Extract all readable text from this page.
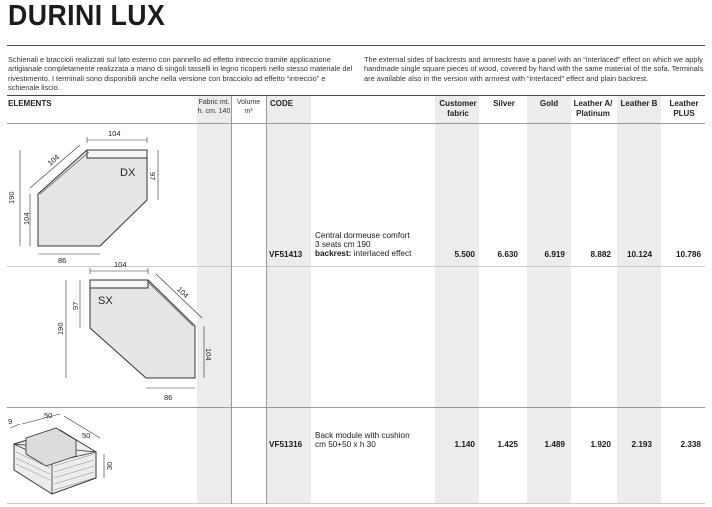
DURINI LUX
Schienali e braccioli realizzati sul lato esterno con pannello ad effetto intreccio tramite applicazione artigianale completamente realizzata a mano di singoli tasselli in legno ricoperti nello stesso materiale del rivestimento. I terminali sono disponibili anche nella versione con bracciolo ad effetto “intreccio” e schienale liscio.
The external sides of backrests and armrests have a panel with an “interlaced” effect on which we apply handmade single square pieces of wood, covered by hand with the same material of the sofa. Terminals are available also in the version with armrest with “interlaced” effect and plain backrest.
ELEMENTS	Fabric mt.
h. cm. 140
Volume
m³
CODE	Customer
fabric
Silver	Gold	Leather A/
Platinum
Leather B	Leather
PLUS
Central dormeuse comfort
3 seats cm 190
backrest: interlaced effect
VF51413	5.500	6.630	6.919	8.882	10.124	10.786
Back module with cushion
cm 50+50 x h 30
VF51316	1.140	1.425	1.489	1.920	2.193	2.338
104
104
97
190
104
86
DX
104
104
97
190
104
86
SX
9
50
50
30
